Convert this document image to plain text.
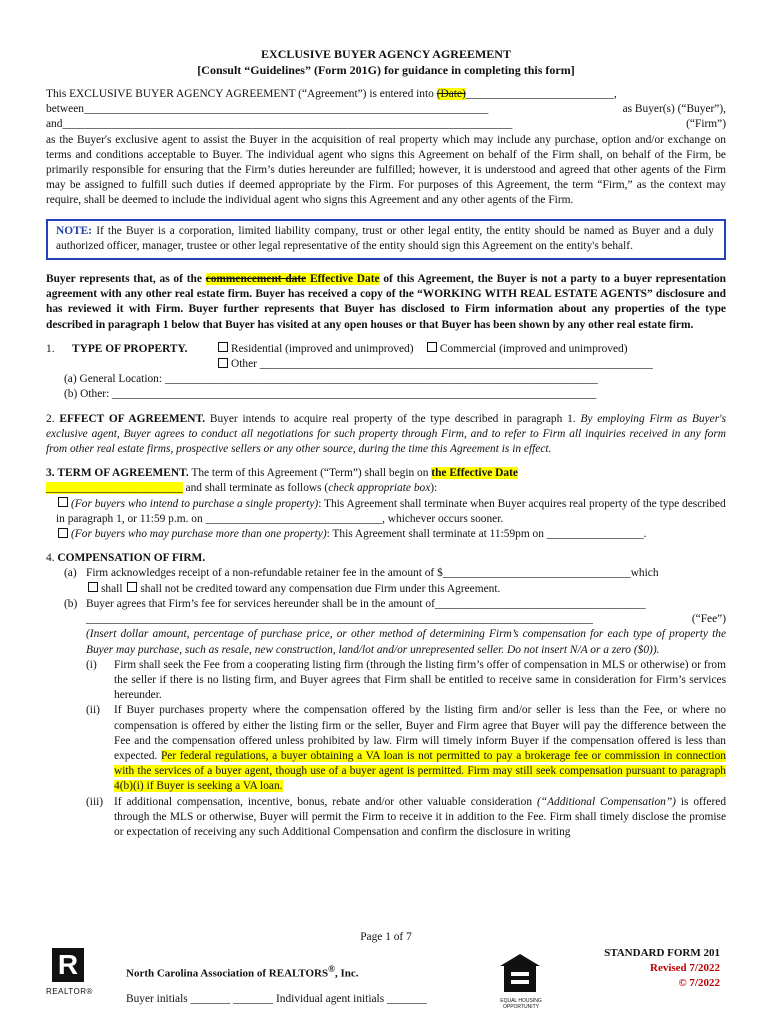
EXCLUSIVE BUYER AGENCY AGREEMENT
[Consult “Guidelines” (Form 201G) for guidance in completing this form]
This EXCLUSIVE BUYER AGENCY AGREEMENT (“Agreement”) is entered into (Date)__________________________,
between_______________________________________________________________________	as Buyer(s) (“Buyer”),
and_______________________________________________________________________________	(“Firm”)
as the Buyer's exclusive agent to assist the Buyer in the acquisition of real property which may include any purchase, option and/or exchange on terms and conditions acceptable to Buyer. The individual agent who signs this Agreement on behalf of the Firm shall, on behalf of the Firm, be primarily responsible for ensuring that the Firm’s duties hereunder are fulfilled; however, it is understood and agreed that other agents of the Firm may be assigned to fulfill such duties if deemed appropriate by the Firm. For purposes of this Agreement, the term “Firm,” as the context may require, shall be deemed to include the individual agent who signs this Agreement and any other agents of the Firm.
NOTE: If the Buyer is a corporation, limited liability company, trust or other legal entity, the entity should be named as Buyer and a duly authorized officer, manager, trustee or other legal representative of the entity should sign this Agreement on the entity's behalf.
Buyer represents that, as of the commencement date Effective Date of this Agreement, the Buyer is not a party to a buyer representation agreement with any other real estate firm. Buyer has received a copy of the “WORKING WITH REAL ESTATE AGENTS” disclosure and has reviewed it with Firm. Buyer further represents that Buyer has disclosed to Firm information about any properties of the type described in paragraph 1 below that Buyer has visited at any open houses or that Buyer has been shown by any other real estate firm.
1.	TYPE OF PROPERTY.	Residential (improved and unimproved) Commercial (improved and unimproved)
Other _____________________________________________________________________
(a) General Location: ____________________________________________________________________________
(b) Other: _____________________________________________________________________________________
2. EFFECT OF AGREEMENT. Buyer intends to acquire real property of the type described in paragraph 1. By employing Firm as Buyer's exclusive agent, Buyer agrees to conduct all negotiations for such property through Firm, and to refer to Firm all inquiries received in any form from other real estate firms, prospective sellers or any other source, during the time this Agreement is in effect.
3. TERM OF AGREEMENT. The term of this Agreement (“Term”) shall begin on the Effective Date
________________________ and shall terminate as follows (check appropriate box):
(For buyers who intend to purchase a single property): This Agreement shall terminate when Buyer acquires real property of the type described in paragraph 1, or 11:59 p.m. on _______________________________, whichever occurs sooner.
(For buyers who may purchase more than one property): This Agreement shall terminate at 11:59pm on _________________.
4. COMPENSATION OF FIRM.
(a) Firm acknowledges receipt of a non-refundable retainer fee in the amount of $_________________________________which
shall shall not be credited toward any compensation due Firm under this Agreement.
(b) Buyer agrees that Firm’s fee for services hereunder shall be in the amount of_____________________________________

_________________________________________________________________________________________	(“Fee”)
(Insert dollar amount, percentage of purchase price, or other method of determining Firm’s compensation for each type of property the Buyer may purchase, such as resale, new construction, land/lot and/or unrepresented seller. Do not insert N/A or a zero ($0)).
(i)	Firm shall seek the Fee from a cooperating listing firm (through the listing firm’s offer of compensation in MLS or otherwise) or from the seller if there is no listing firm, and Buyer agrees that Firm shall be entitled to receive same in consideration for Firm’s services hereunder.
(ii)	If Buyer purchases property where the compensation offered by the listing firm and/or seller is less than the Fee, or where no compensation is offered by either the listing firm or the seller, Buyer and Firm agree that Buyer will pay the difference between the Fee and the compensation offered unless prohibited by law. Firm will timely inform Buyer if the compensation offered is less than expected. Per federal regulations, a buyer obtaining a VA loan is not permitted to pay a brokerage fee or commission in connection with the services of a buyer agent, though use of a buyer agent is permitted. Firm may still seek compensation pursuant to paragraph 4(b)(i) if Buyer is seeking a VA loan.
(iii) If additional compensation, incentive, bonus, rebate and/or other valuable consideration (“Additional Compensation”) is offered through the MLS or otherwise, Buyer will permit the Firm to receive it in addition to the Fee. Firm shall timely disclose the promise or expectation of receiving any such Additional Compensation and confirm the disclosure in writing
Page 1 of 7
R
REALTOR®
North Carolina Association of REALTORS®, Inc.
Buyer initials _______ _______ Individual agent initials _______	EQUAL HOUSING OPPORTUNITY
STANDARD FORM 201
Revised 7/2022
© 7/2022
